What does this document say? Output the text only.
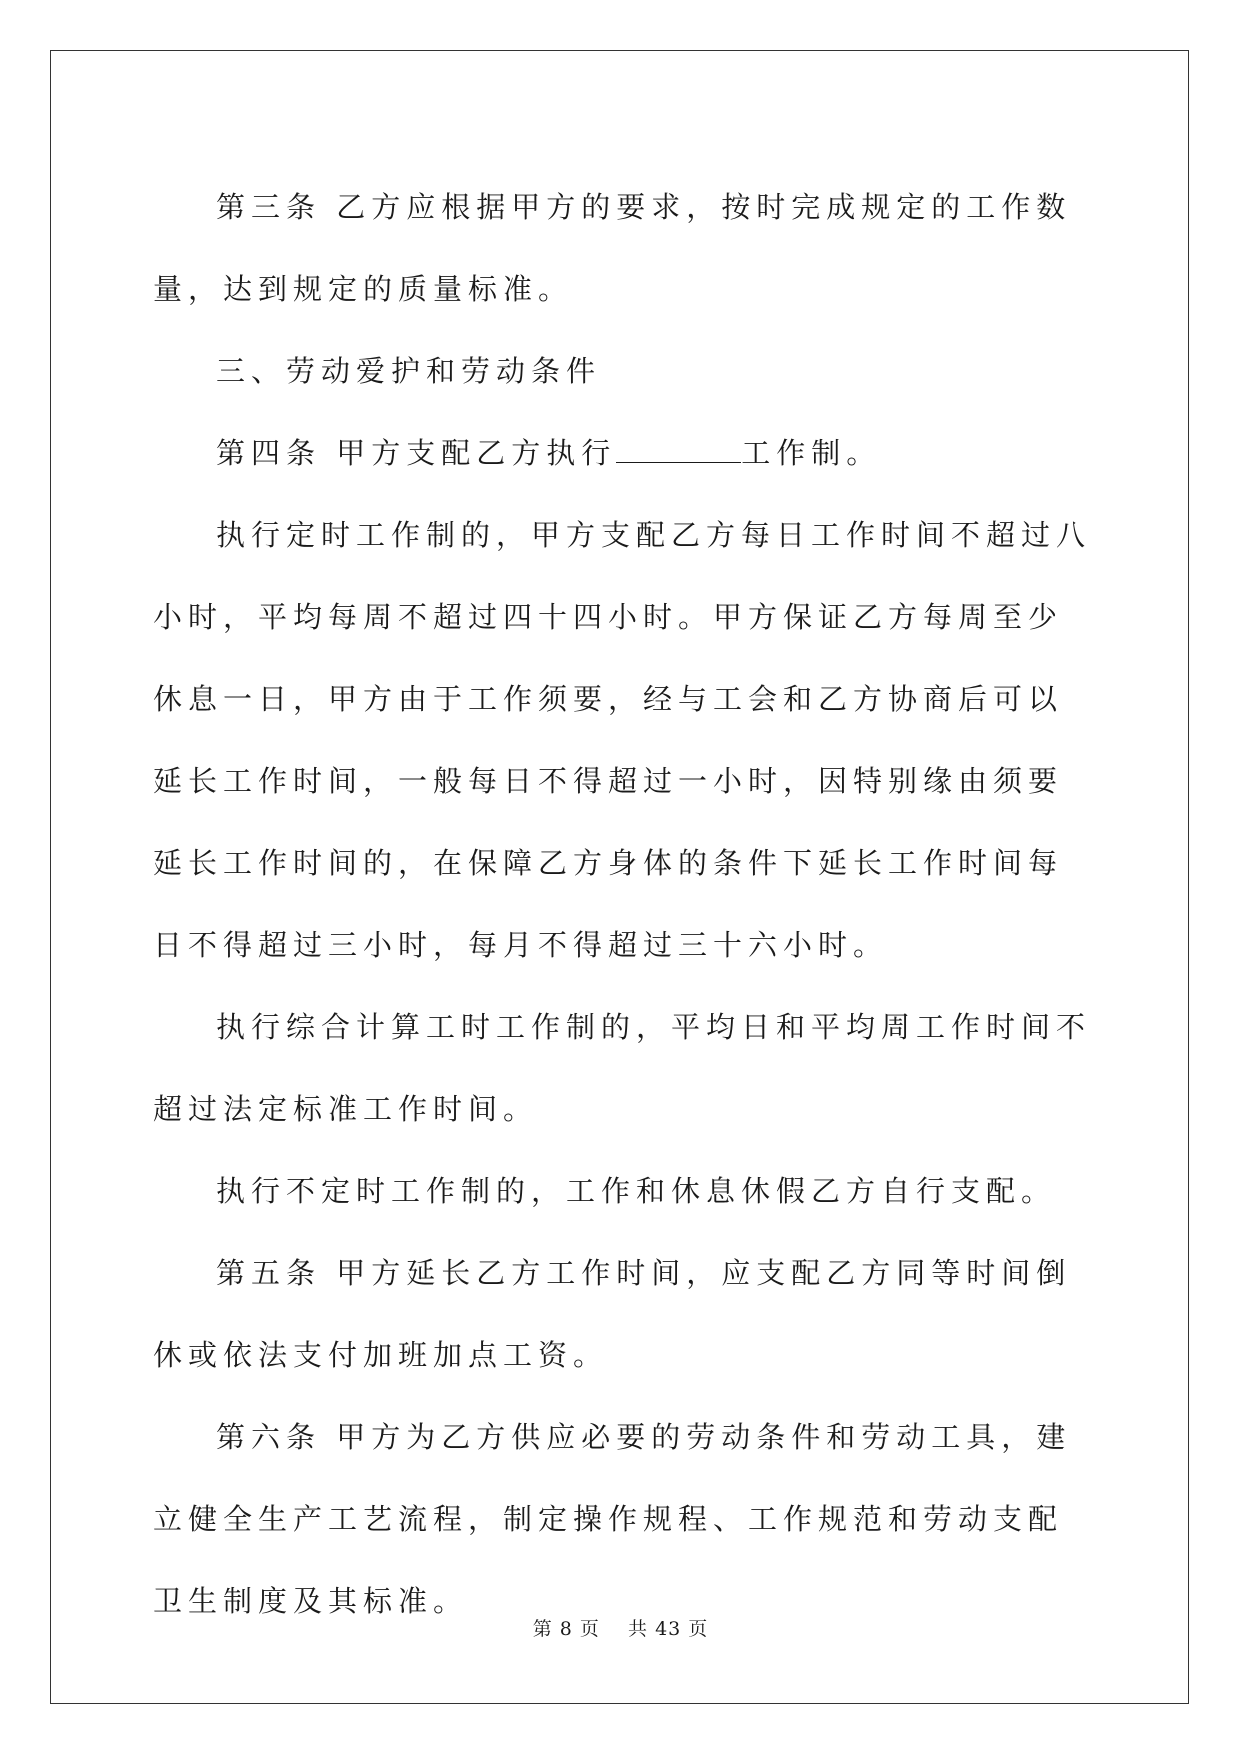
第三条 乙方应根据甲方的要求，按时完成规定的工作数量，达到规定的质量标准。

三、劳动爱护和劳动条件

第四条 甲方支配乙方执行	工作制。

执行定时工作制的，甲方支配乙方每日工作时间不超过八小时，平均每周不超过四十四小时。甲方保证乙方每周至少休息一日，甲方由于工作须要，经与工会和乙方协商后可以延长工作时间，一般每日不得超过一小时，因特别缘由须要延长工作时间的，在保障乙方身体的条件下延长工作时间每日不得超过三小时，每月不得超过三十六小时。

执行综合计算工时工作制的，平均日和平均周工作时间不超过法定标准工作时间。

执行不定时工作制的，工作和休息休假乙方自行支配。

第五条 甲方延长乙方工作时间，应支配乙方同等时间倒休或依法支付加班加点工资。

第六条 甲方为乙方供应必要的劳动条件和劳动工具，建立健全生产工艺流程，制定操作规程、工作规范和劳动支配卫生制度及其标准。

第 8 页 共 43 页
